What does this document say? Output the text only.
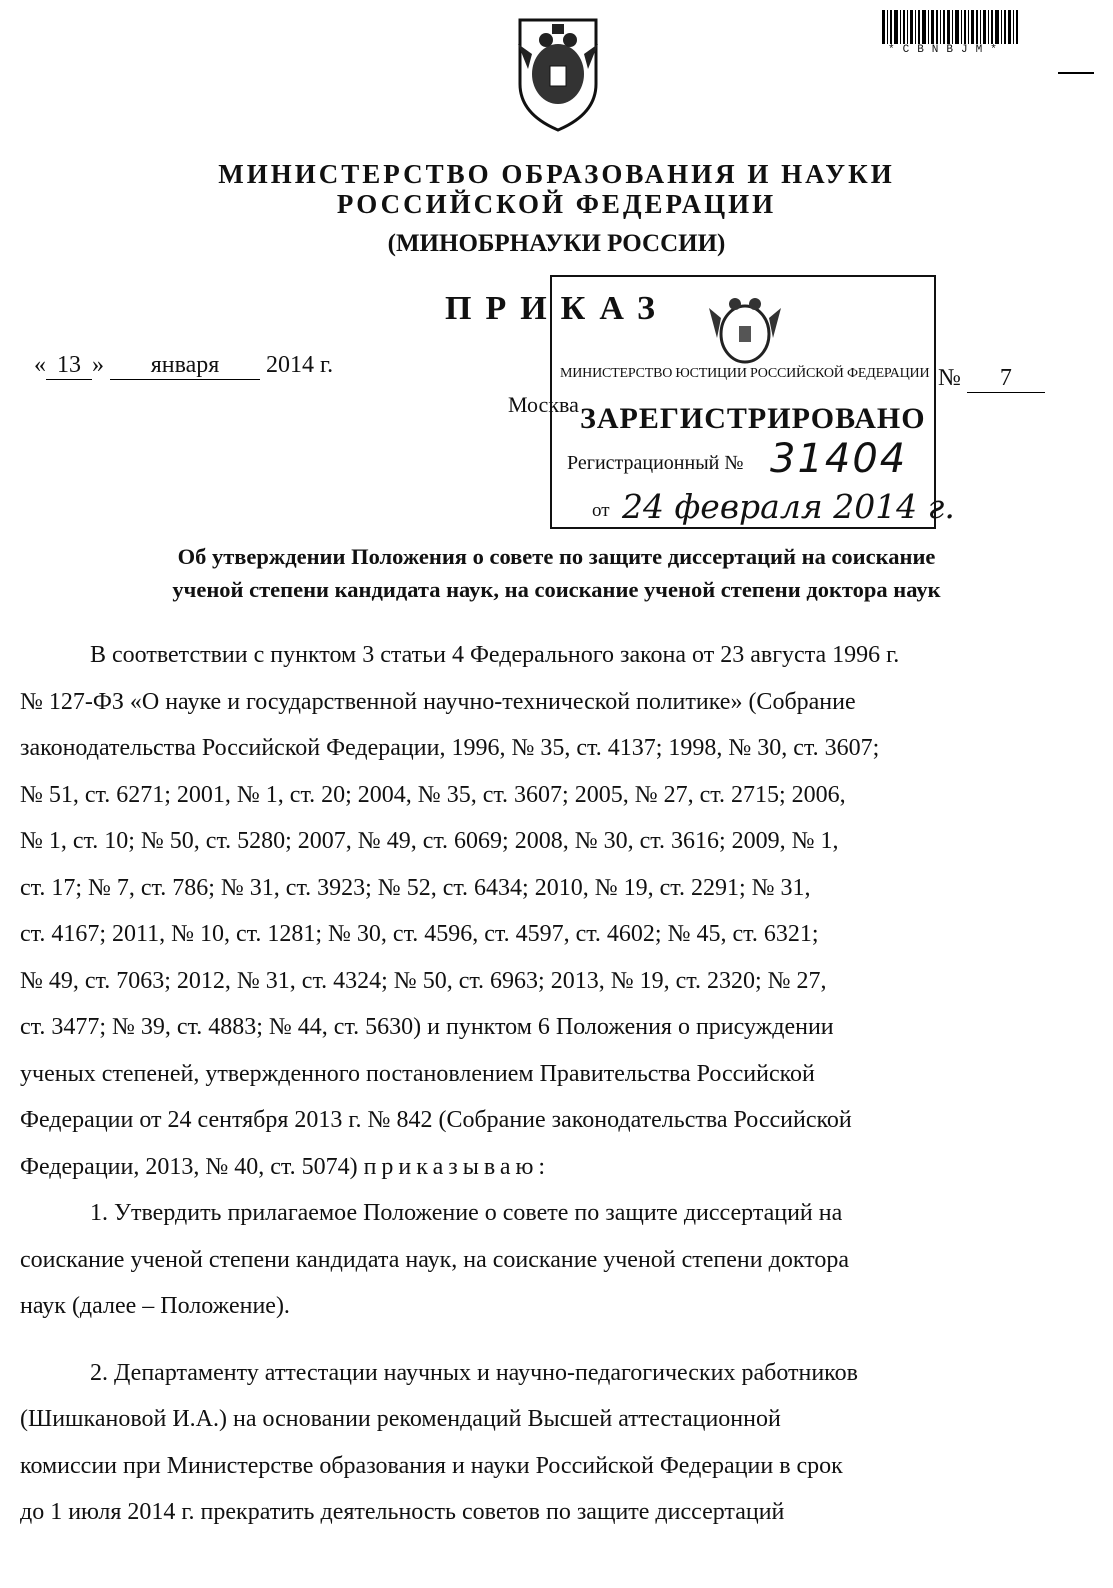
*CBNBJM*
МИНИСТЕРСТВО ОБРАЗОВАНИЯ И НАУКИ
РОССИЙСКОЙ ФЕДЕРАЦИИ
(МИНОБРНАУКИ РОССИИ)
ПРИКАЗ
« 13 » января 2014 г.	№ 7
Москва
МИНИСТЕРСТВО ЮСТИЦИИ РОССИЙСКОЙ ФЕДЕРАЦИИ
ЗАРЕГИСТРИРОВАНО
Регистрационный № 31404
от 24 февраля 2014 г.
Об утверждении Положения о совете по защите диссертаций на соискание
ученой степени кандидата наук, на соискание ученой степени доктора наук
В соответствии с пунктом 3 статьи 4 Федерального закона от 23 августа 1996 г.
№ 127-ФЗ «О науке и государственной научно-технической политике» (Собрание
законодательства Российской Федерации, 1996, № 35, ст. 4137; 1998, № 30, ст. 3607;
№ 51, ст. 6271; 2001, № 1, ст. 20; 2004, № 35, ст. 3607; 2005, № 27, ст. 2715; 2006,
№ 1, ст. 10; № 50, ст. 5280; 2007, № 49, ст. 6069; 2008, № 30, ст. 3616; 2009, № 1,
ст. 17; № 7, ст. 786; № 31, ст. 3923; № 52, ст. 6434; 2010, № 19, ст. 2291; № 31,
ст. 4167; 2011, № 10, ст. 1281; № 30, ст. 4596, ст. 4597, ст. 4602; № 45, ст. 6321;
№ 49, ст. 7063; 2012, № 31, ст. 4324; № 50, ст. 6963; 2013, № 19, ст. 2320; № 27,
ст. 3477; № 39, ст. 4883; № 44, ст. 5630) и пунктом 6 Положения о присуждении
ученых степеней, утвержденного постановлением Правительства Российской
Федерации от 24 сентября 2013 г. № 842 (Собрание законодательства Российской
Федерации, 2013, № 40, ст. 5074) приказываю:
1. Утвердить прилагаемое Положение о совете по защите диссертаций на
соискание ученой степени кандидата наук, на соискание ученой степени доктора
наук (далее – Положение).
2. Департаменту аттестации научных и научно-педагогических работников
(Шишкановой И.А.) на основании рекомендаций Высшей аттестационной
комиссии при Министерстве образования и науки Российской Федерации в срок
до 1 июля 2014 г. прекратить деятельность советов по защите диссертаций
